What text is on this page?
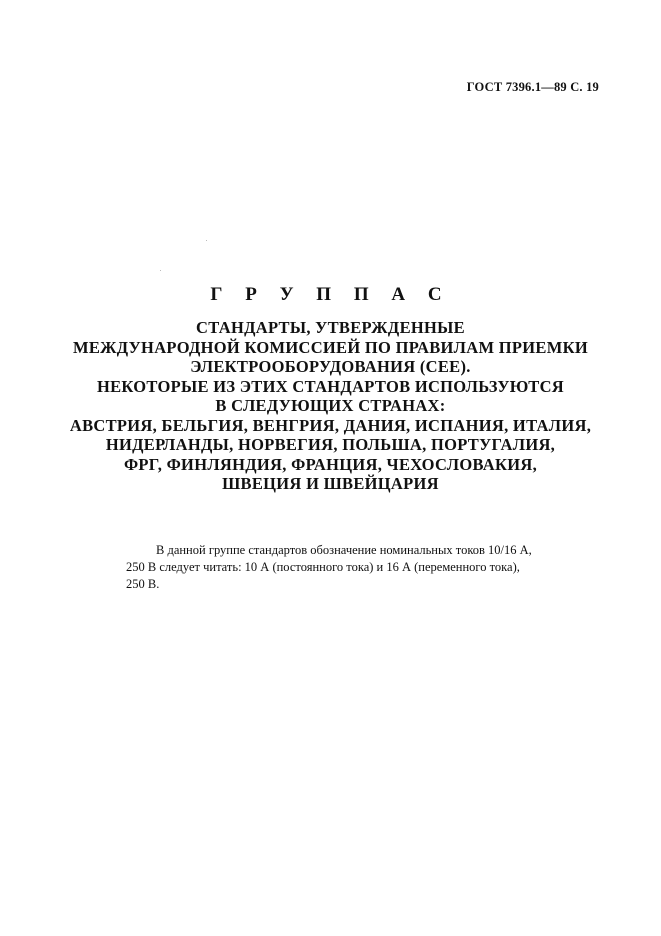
ГОСТ 7396.1—89 С. 19
Г Р У П П А С
СТАНДАРТЫ, УТВЕРЖДЕННЫЕ
МЕЖДУНАРОДНОЙ КОМИССИЕЙ ПО ПРАВИЛАМ ПРИЕМКИ
ЭЛЕКТРООБОРУДОВАНИЯ (СЕЕ).
НЕКОТОРЫЕ ИЗ ЭТИХ СТАНДАРТОВ ИСПОЛЬЗУЮТСЯ
В СЛЕДУЮЩИХ СТРАНАХ:
АВСТРИЯ, БЕЛЬГИЯ, ВЕНГРИЯ, ДАНИЯ, ИСПАНИЯ, ИТАЛИЯ,
НИДЕРЛАНДЫ, НОРВЕГИЯ, ПОЛЬША, ПОРТУГАЛИЯ,
ФРГ, ФИНЛЯНДИЯ, ФРАНЦИЯ, ЧЕХОСЛОВАКИЯ,
ШВЕЦИЯ И ШВЕЙЦАРИЯ
В данной группе стандартов обозначение номинальных токов 10/16 А,
250 В следует читать: 10 А (постоянного тока) и 16 А (переменного тока),
250 В.
